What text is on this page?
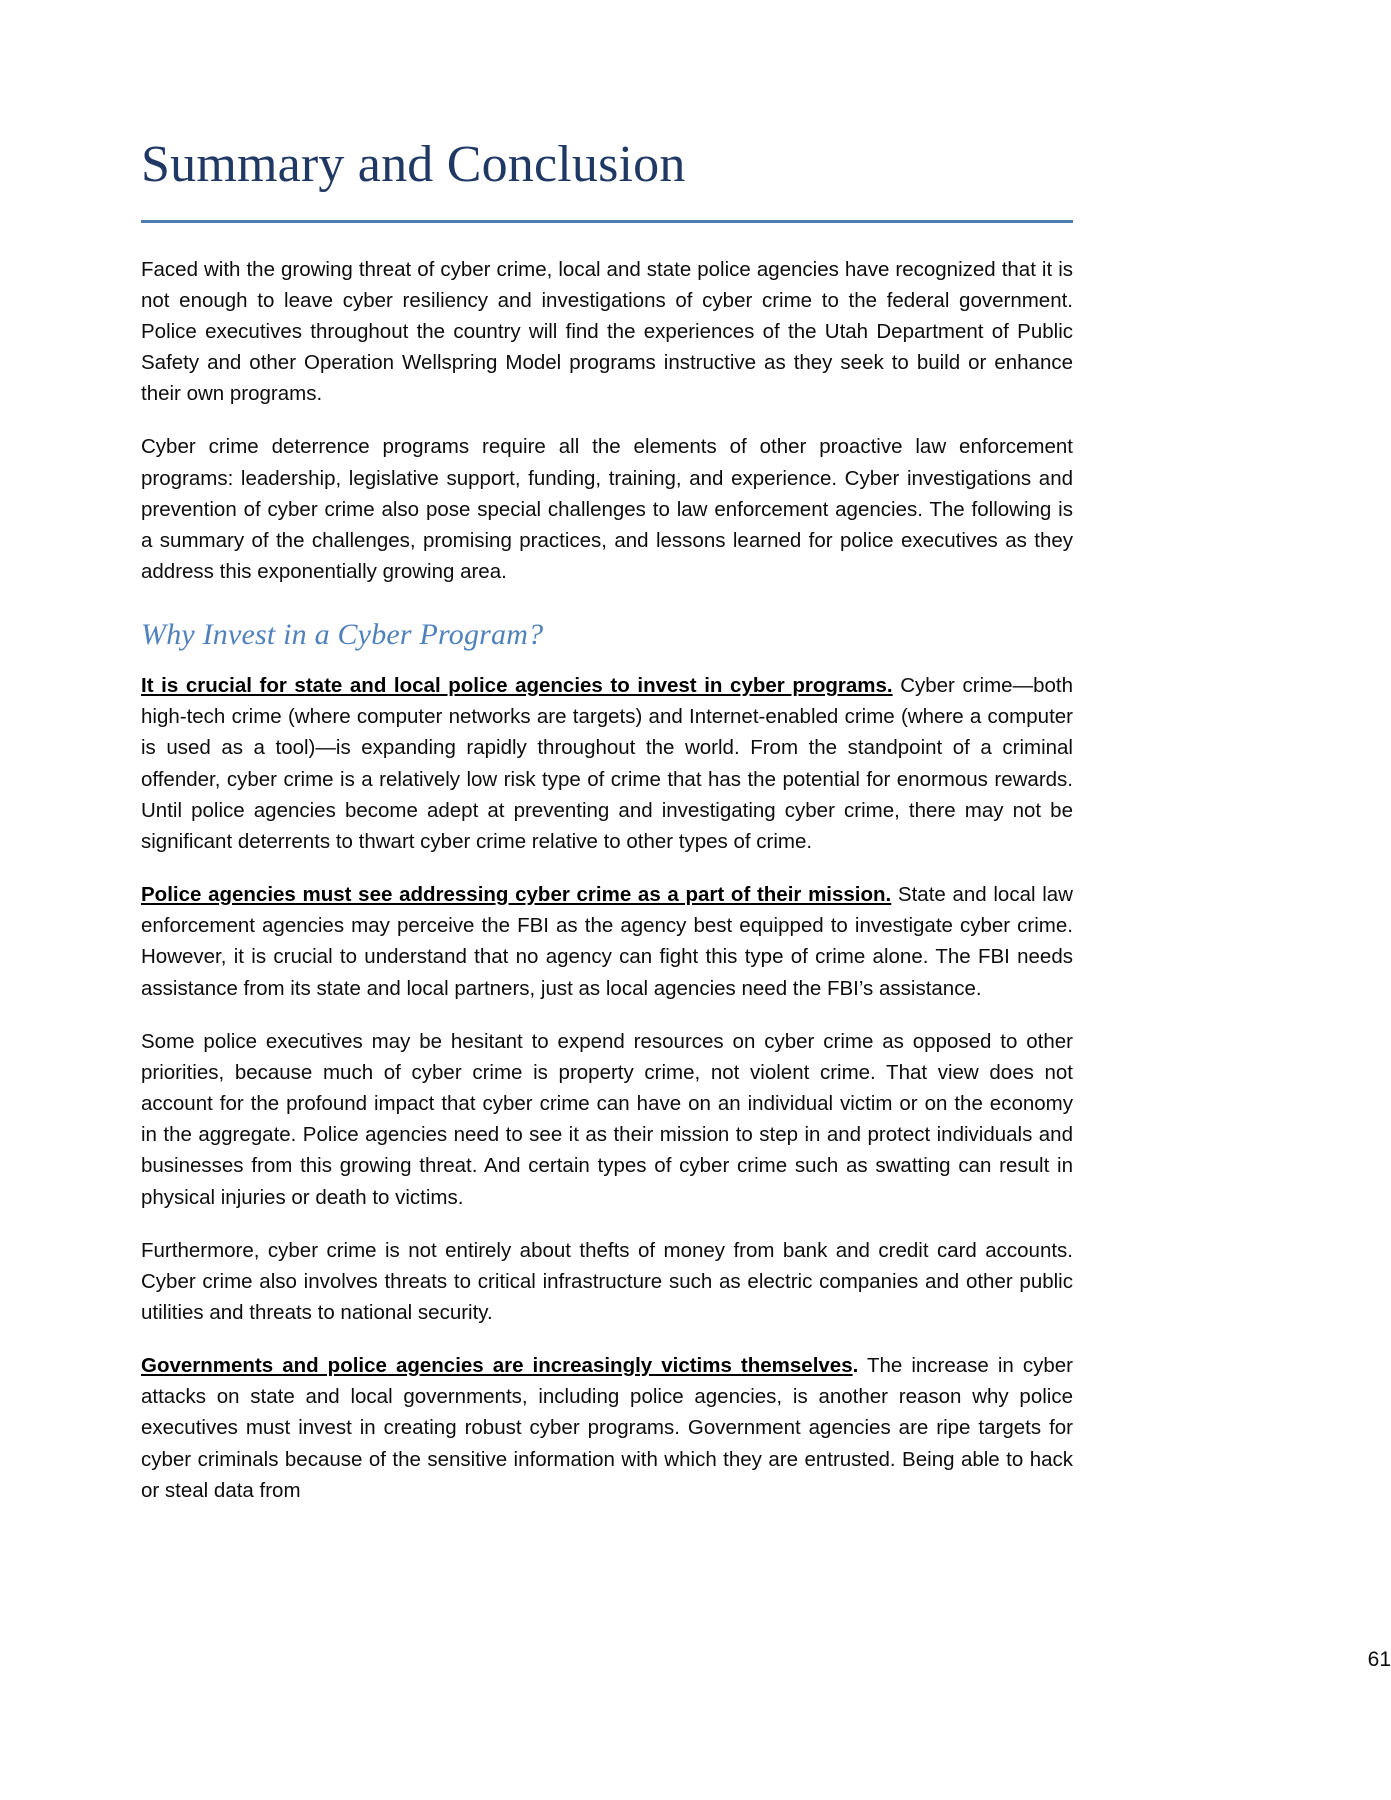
Summary and Conclusion

Faced with the growing threat of cyber crime, local and state police agencies have recognized that it is not enough to leave cyber resiliency and investigations of cyber crime to the federal government. Police executives throughout the country will find the experiences of the Utah Department of Public Safety and other Operation Wellspring Model programs instructive as they seek to build or enhance their own programs.

Cyber crime deterrence programs require all the elements of other proactive law enforcement programs: leadership, legislative support, funding, training, and experience. Cyber investigations and prevention of cyber crime also pose special challenges to law enforcement agencies. The following is a summary of the challenges, promising practices, and lessons learned for police executives as they address this exponentially growing area.

Why Invest in a Cyber Program?

It is crucial for state and local police agencies to invest in cyber programs. Cyber crime—both high-tech crime (where computer networks are targets) and Internet-enabled crime (where a computer is used as a tool)—is expanding rapidly throughout the world. From the standpoint of a criminal offender, cyber crime is a relatively low risk type of crime that has the potential for enormous rewards. Until police agencies become adept at preventing and investigating cyber crime, there may not be significant deterrents to thwart cyber crime relative to other types of crime.

Police agencies must see addressing cyber crime as a part of their mission. State and local law enforcement agencies may perceive the FBI as the agency best equipped to investigate cyber crime. However, it is crucial to understand that no agency can fight this type of crime alone. The FBI needs assistance from its state and local partners, just as local agencies need the FBI’s assistance.

Some police executives may be hesitant to expend resources on cyber crime as opposed to other priorities, because much of cyber crime is property crime, not violent crime. That view does not account for the profound impact that cyber crime can have on an individual victim or on the economy in the aggregate. Police agencies need to see it as their mission to step in and protect individuals and businesses from this growing threat. And certain types of cyber crime such as swatting can result in physical injuries or death to victims.

Furthermore, cyber crime is not entirely about thefts of money from bank and credit card accounts. Cyber crime also involves threats to critical infrastructure such as electric companies and other public utilities and threats to national security.

Governments and police agencies are increasingly victims themselves. The increase in cyber attacks on state and local governments, including police agencies, is another reason why police executives must invest in creating robust cyber programs. Government agencies are ripe targets for cyber criminals because of the sensitive information with which they are entrusted. Being able to hack or steal data from

61
